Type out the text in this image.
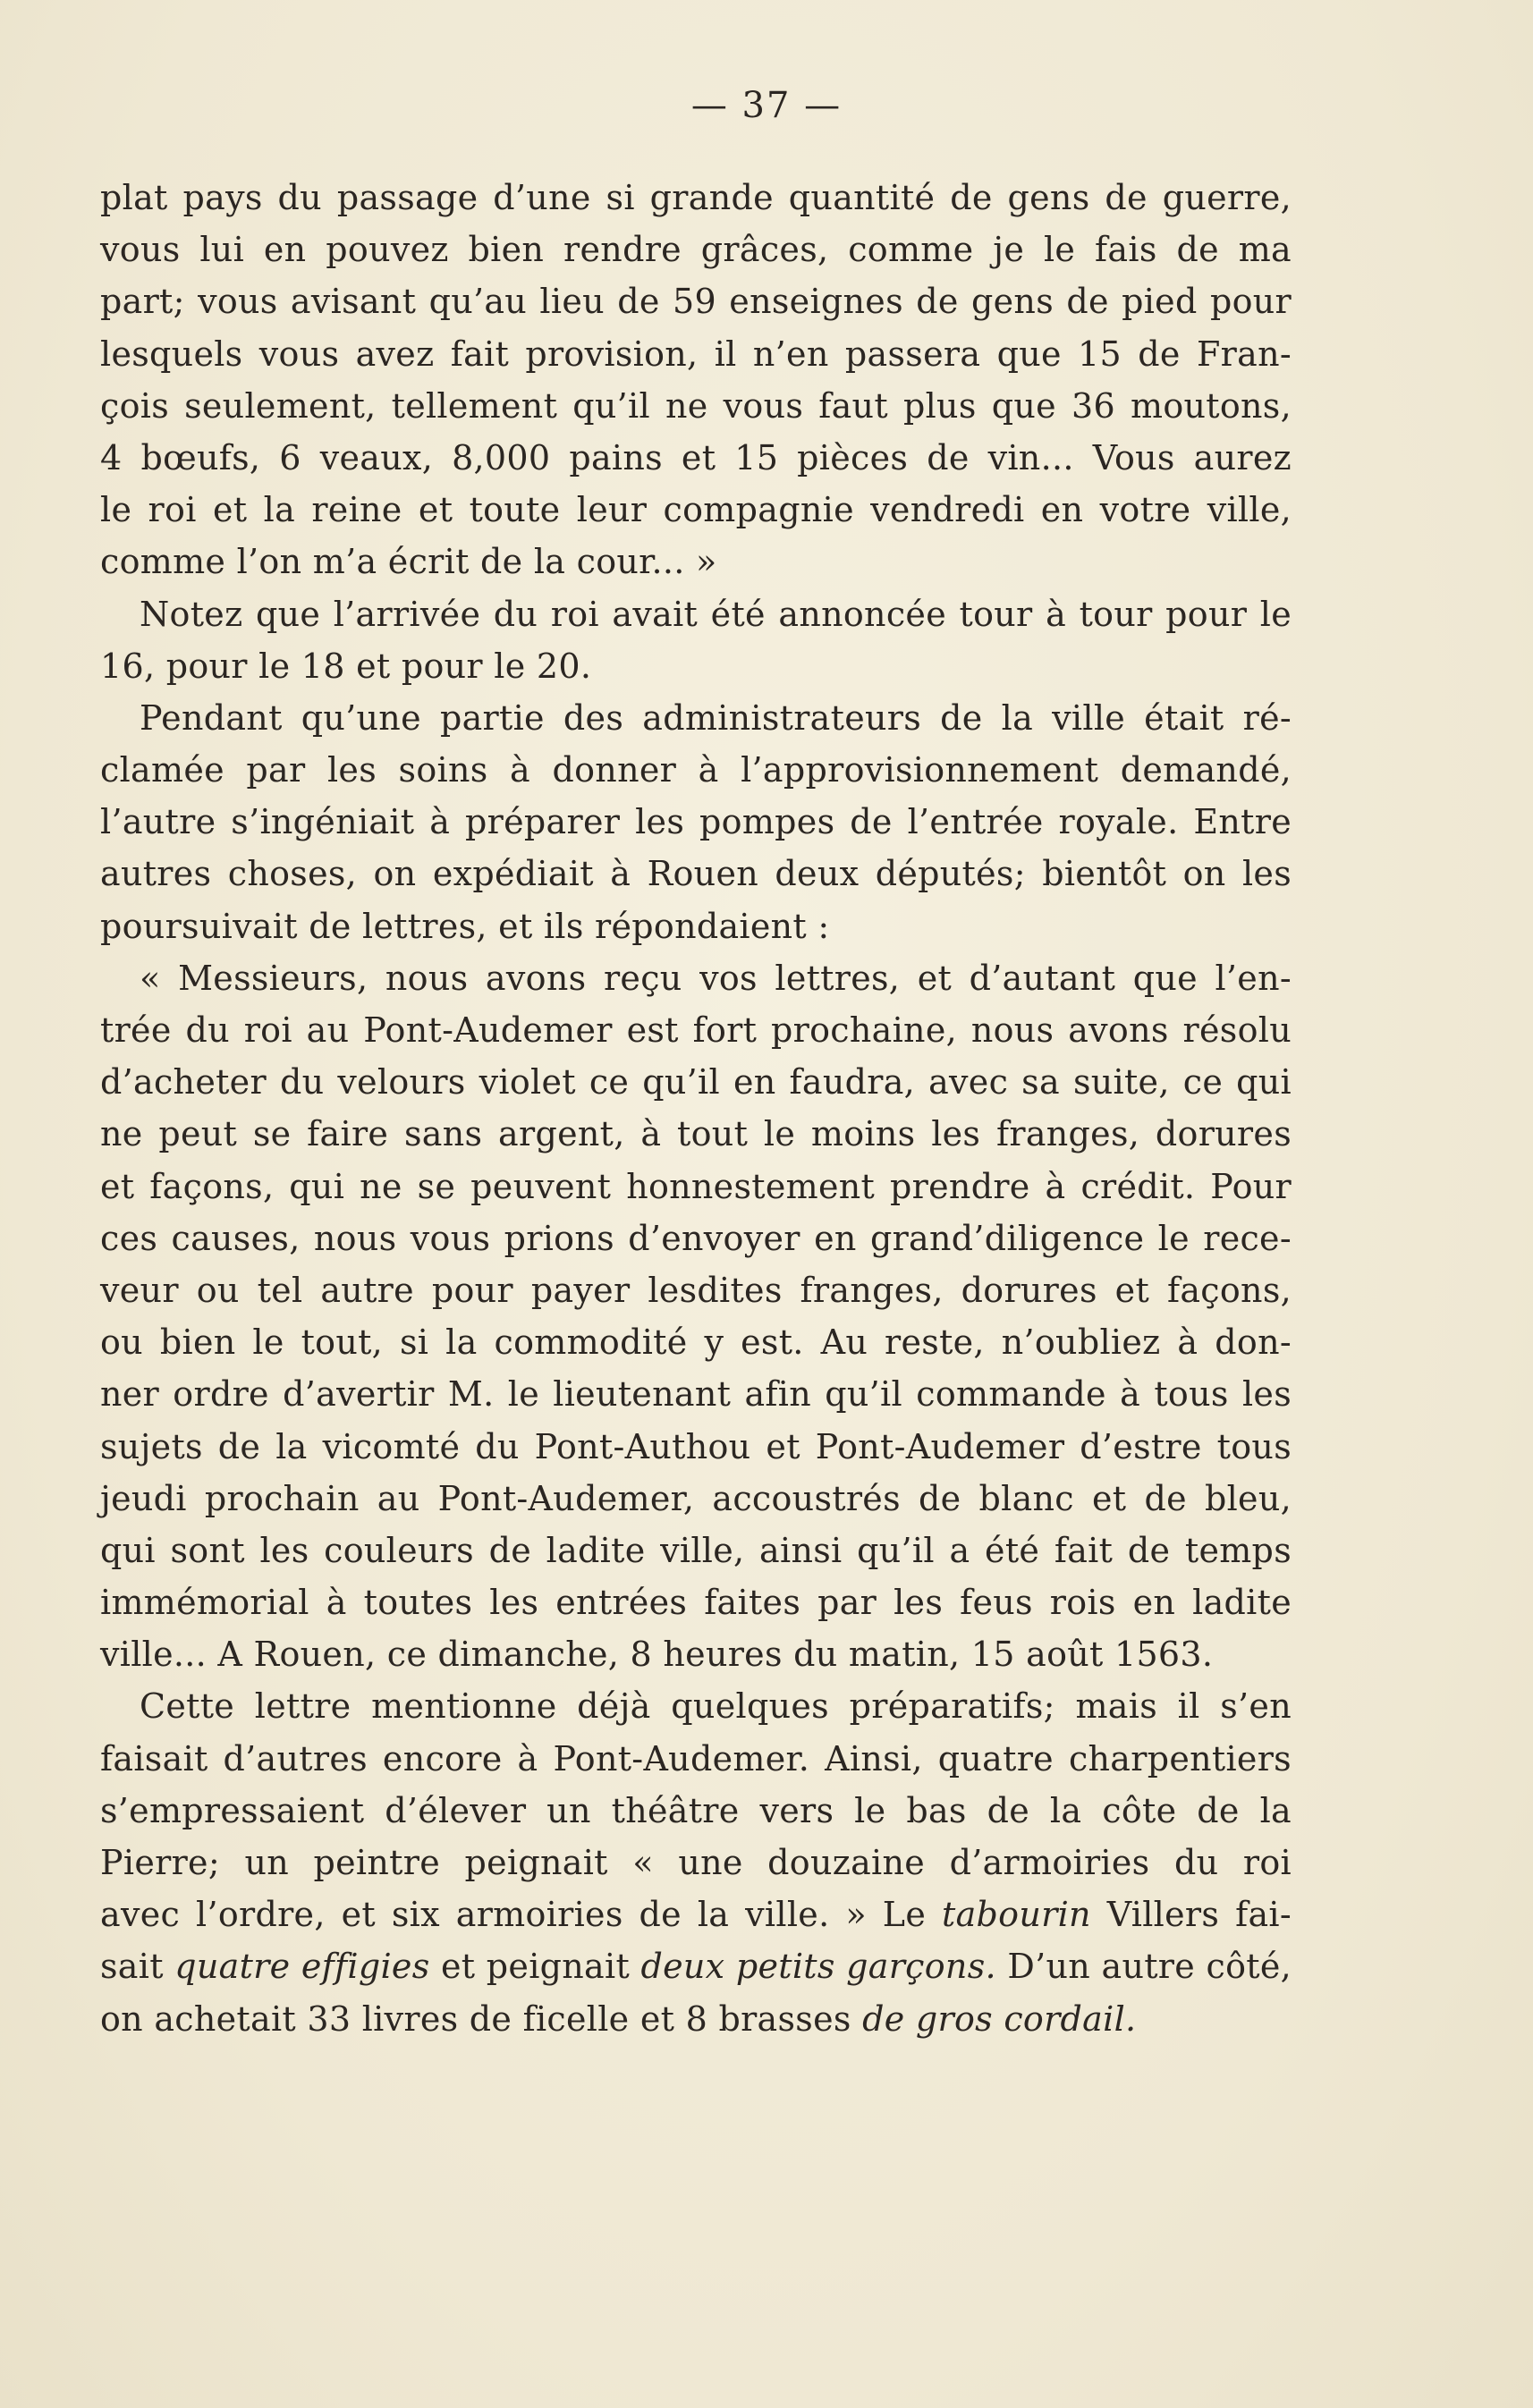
— 37 —
plat pays du passage d’une si grande quantité de gens de guerre,
vous lui en pouvez bien rendre grâces, comme je le fais de ma
part; vous avisant qu’au lieu de 59 enseignes de gens de pied pour
lesquels vous avez fait provision, il n’en passera que 15 de Fran-
çois seulement, tellement qu’il ne vous faut plus que 36 moutons,
4 bœufs, 6 veaux, 8,000 pains et 15 pièces de vin... Vous aurez
le roi et la reine et toute leur compagnie vendredi en votre ville,
comme l’on m’a écrit de la cour... »
Notez que l’arrivée du roi avait été annoncée tour à tour pour le
16, pour le 18 et pour le 20.
Pendant qu’une partie des administrateurs de la ville était ré-
clamée par les soins à donner à l’approvisionnement demandé,
l’autre s’ingéniait à préparer les pompes de l’entrée royale. Entre
autres choses, on expédiait à Rouen deux députés; bientôt on les
poursuivait de lettres, et ils répondaient :
« Messieurs, nous avons reçu vos lettres, et d’autant que l’en-
trée du roi au Pont-Audemer est fort prochaine, nous avons résolu
d’acheter du velours violet ce qu’il en faudra, avec sa suite, ce qui
ne peut se faire sans argent, à tout le moins les franges, dorures
et façons, qui ne se peuvent honnestement prendre à crédit. Pour
ces causes, nous vous prions d’envoyer en grand’diligence le rece-
veur ou tel autre pour payer lesdites franges, dorures et façons,
ou bien le tout, si la commodité y est. Au reste, n’oubliez à don-
ner ordre d’avertir M. le lieutenant afin qu’il commande à tous les
sujets de la vicomté du Pont-Authou et Pont-Audemer d’estre tous
jeudi prochain au Pont-Audemer, accoustrés de blanc et de bleu,
qui sont les couleurs de ladite ville, ainsi qu’il a été fait de temps
immémorial à toutes les entrées faites par les feus rois en ladite
ville... A Rouen, ce dimanche, 8 heures du matin, 15 août 1563.
Cette lettre mentionne déjà quelques préparatifs; mais il s’en
faisait d’autres encore à Pont-Audemer. Ainsi, quatre charpentiers
s’empressaient d’élever un théâtre vers le bas de la côte de la
Pierre; un peintre peignait « une douzaine d’armoiries du roi
avec l’ordre, et six armoiries de la ville. » Le tabourin Villers fai-
sait quatre effigies et peignait deux petits garçons. D’un autre côté,
on achetait 33 livres de ficelle et 8 brasses de gros cordail.
